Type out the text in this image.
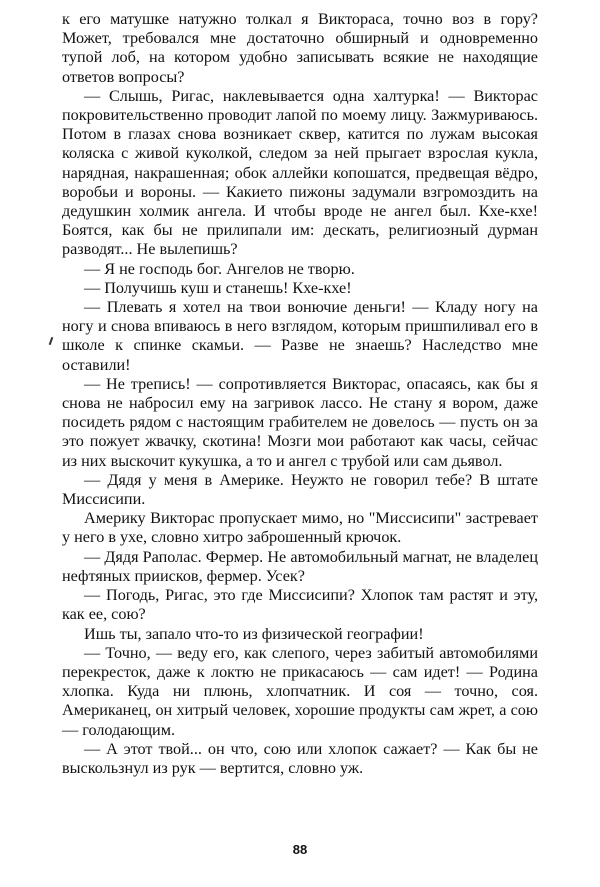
к его матушке натужно толкал я Виктораса, точно воз в гору? Может, требовался мне достаточно обширный и одновременно тупой лоб, на котором удобно записывать всякие не находящие ответов вопросы?

— Слышь, Ригас, наклевывается одна халтурка! — Викторас покровительственно проводит лапой по моему лицу. Зажмуриваюсь. Потом в глазах снова возникает сквер, катится по лужам высокая коляска с живой куколкой, следом за ней прыгает взрослая кукла, нарядная, накрашенная; обок аллейки копошатся, предвещая вёдро, воробьи и вороны. — Какието пижоны задумали взгромоздить на дедушкин холмик ангела. И чтобы вроде не ангел был. Кхе-кхе! Боятся, как бы не прилипали им: дескать, религиозный дурман разводят... Не вылепишь?

— Я не господь бог. Ангелов не творю.

— Получишь куш и станешь! Кхе-кхе!

— Плевать я хотел на твои вонючие деньги! — Кладу ногу на ногу и снова впиваюсь в него взглядом, которым пришпиливал его в школе к спинке скамьи. — Разве не знаешь? Наследство мне оставили!

— Не трепись! — сопротивляется Викторас, опасаясь, как бы я снова не набросил ему на загривок лассо. Не стану я вором, даже посидеть рядом с настоящим грабителем не довелось — пусть он за это пожует жвачку, скотина! Мозги мои работают как часы, сейчас из них выскочит кукушка, а то и ангел с трубой или сам дьявол.

— Дядя у меня в Америке. Неужто не говорил тебе? В штате Миссисипи.

Америку Викторас пропускает мимо, но "Миссисипи" застревает у него в ухе, словно хитро заброшенный крючок.

— Дядя Раполас. Фермер. Не автомобильный магнат, не владелец нефтяных приисков, фермер. Усек?

— Погодь, Ригас, это где Миссисипи? Хлопок там растят и эту, как ее, сою?

Ишь ты, запало что-то из физической географии!

— Точно, — веду его, как слепого, через забитый автомобилями перекресток, даже к локтю не прикасаюсь — сам идет! — Родина хлопка. Куда ни плюнь, хлопчатник. И соя — точно, соя. Американец, он хитрый человек, хорошие продукты сам жрет, а сою — голодающим.

— А этот твой... он что, сою или хлопок сажает? — Как бы не выскользнул из рук — вертится, словно уж.

88
